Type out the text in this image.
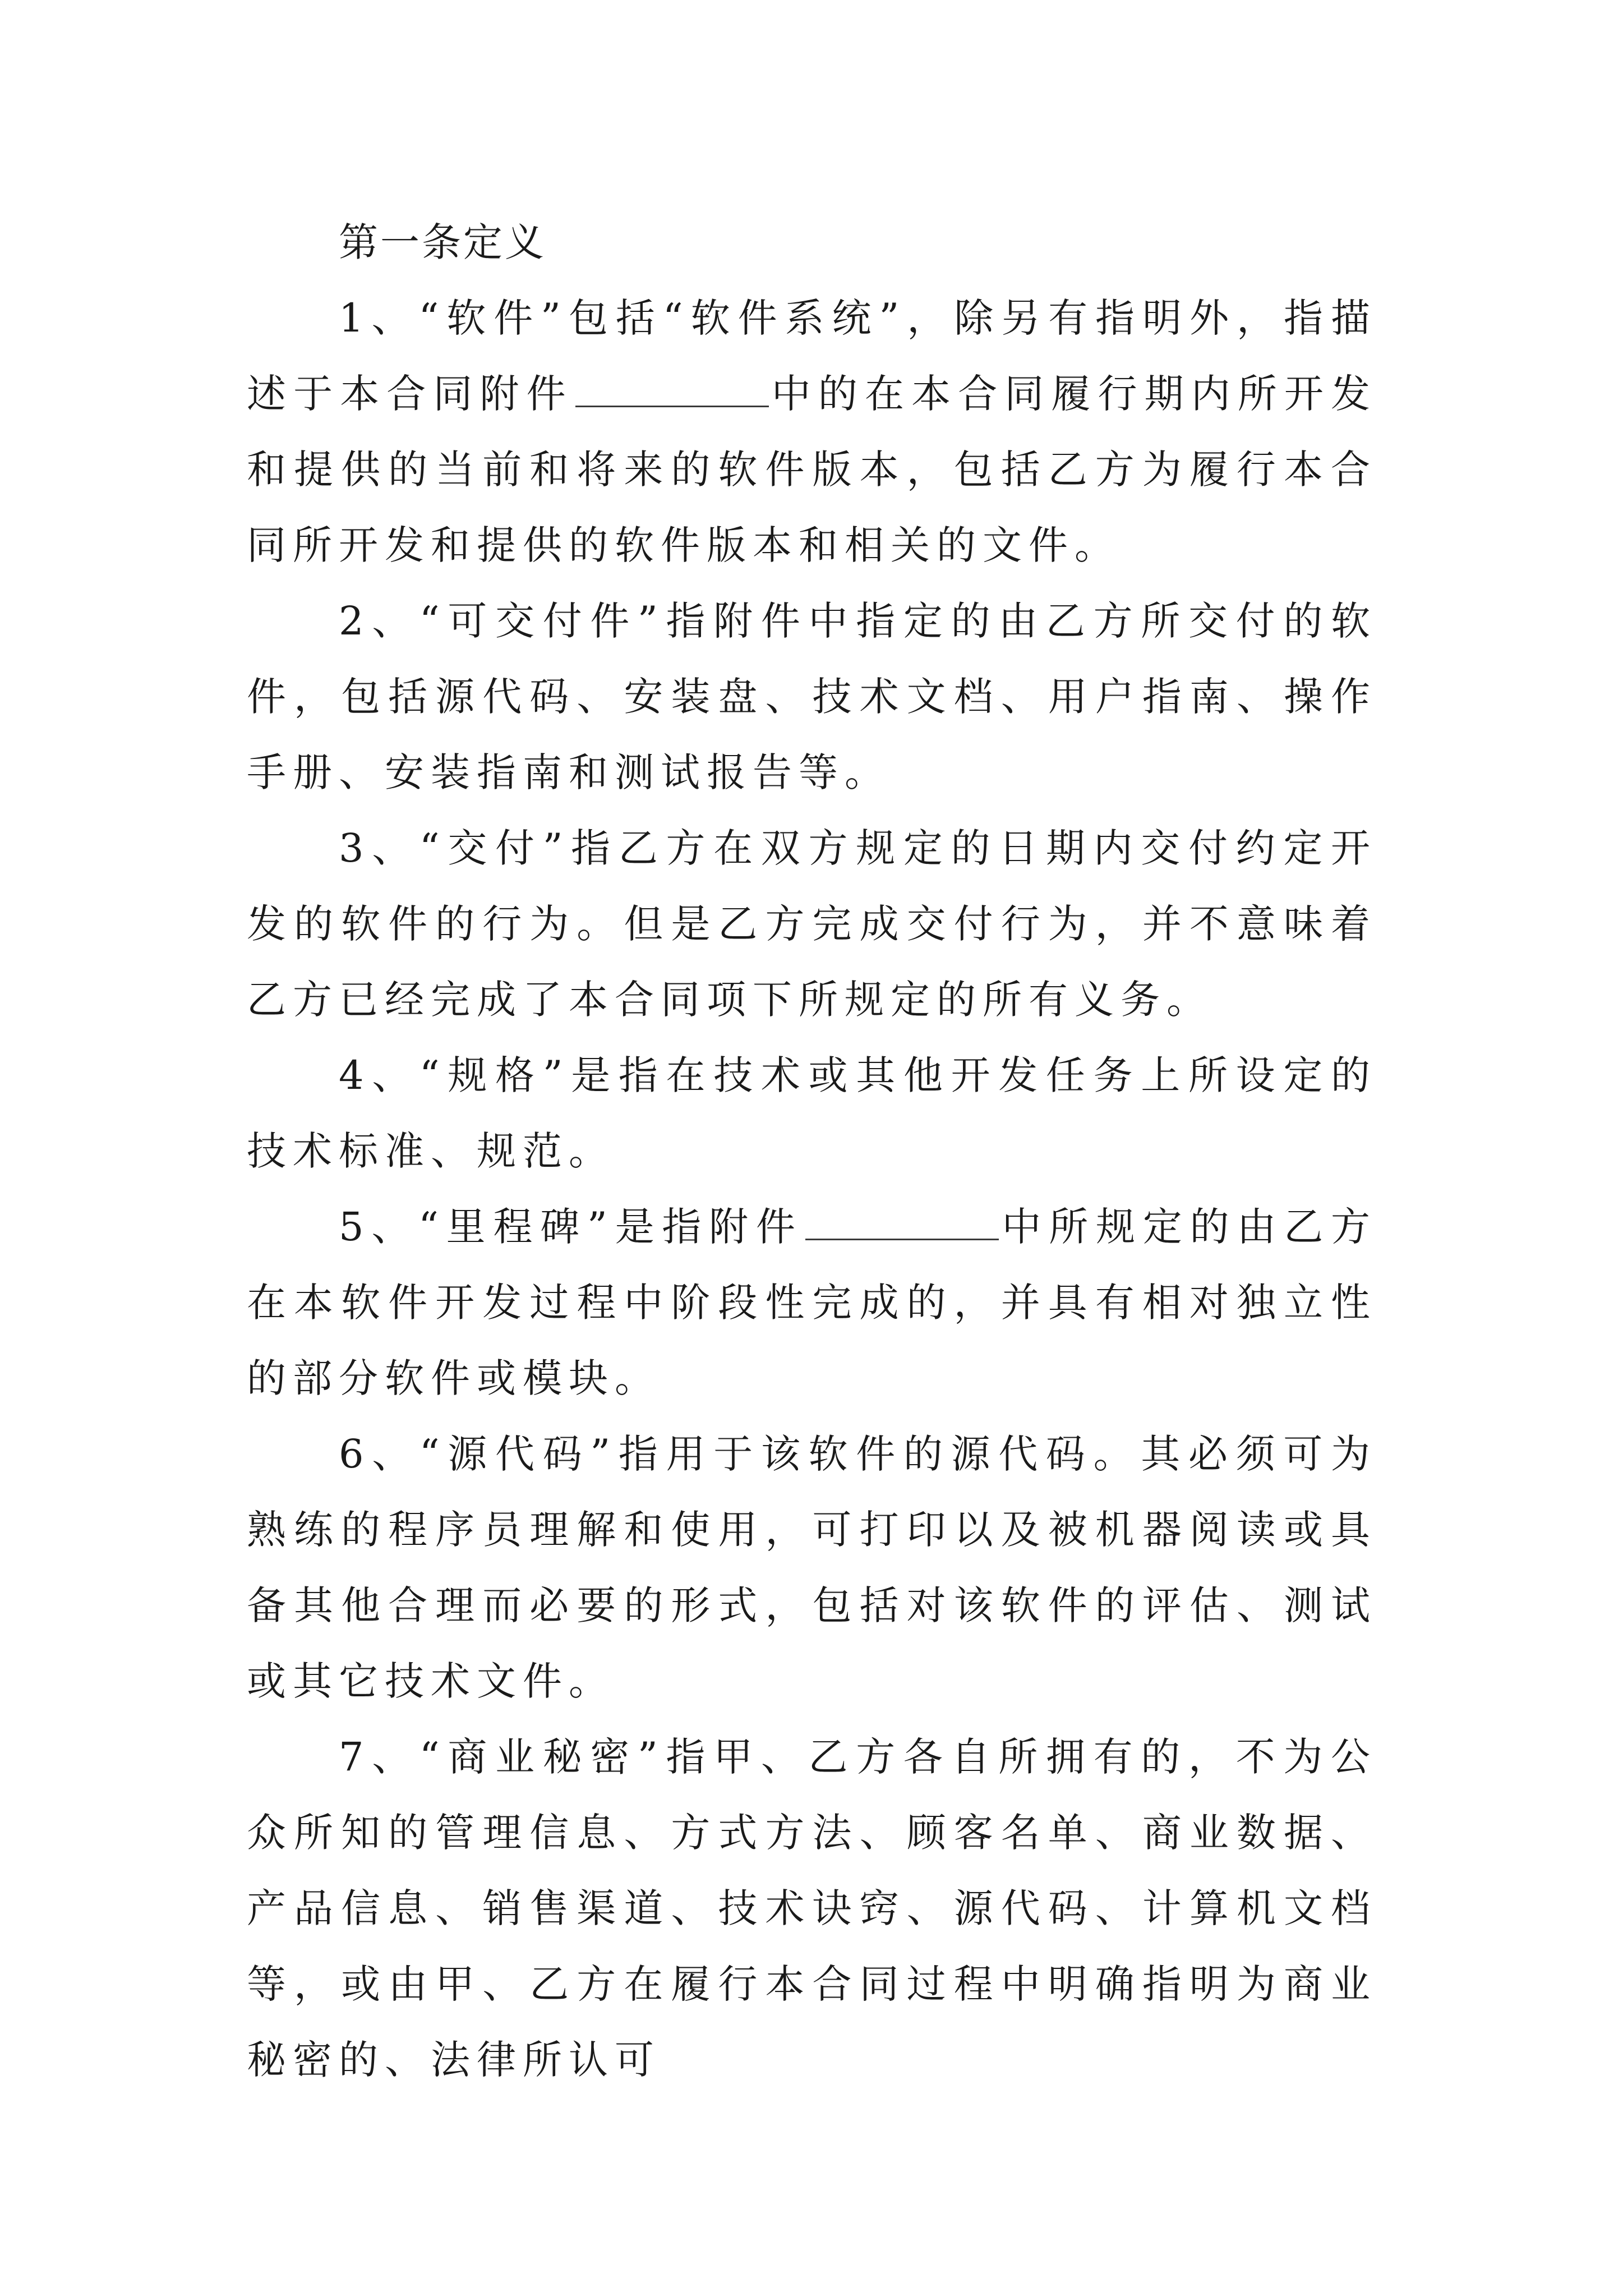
第一条定义

1、“软件”包括“软件系统”，除另有指明外，指描述于本合同附件	中的在本合同履行期内所开发和提供的当前和将来的软件版本，包括乙方为履行本合同所开发和提供的软件版本和相关的文件。

2、“可交付件”指附件中指定的由乙方所交付的软件，包括源代码、安装盘、技术文档、用户指南、操作手册、安装指南和测试报告等。

3、“交付”指乙方在双方规定的日期内交付约定开发的软件的行为。但是乙方完成交付行为，并不意味着乙方已经完成了本合同项下所规定的所有义务。

4、“规格”是指在技术或其他开发任务上所设定的技术标准、规范。

5、“里程碑”是指附件	中所规定的由乙方在本软件开发过程中阶段性完成的，并具有相对独立性的部分软件或模块。

6、“源代码”指用于该软件的源代码。其必须可为熟练的程序员理解和使用，可打印以及被机器阅读或具备其他合理而必要的形式，包括对该软件的评估、测试或其它技术文件。

7、“商业秘密”指甲、乙方各自所拥有的，不为公众所知的管理信息、方式方法、顾客名单、商业数据、产品信息、销售渠道、技术诀窍、源代码、计算机文档等，或由甲、乙方在履行本合同过程中明确指明为商业秘密的、法律所认可
